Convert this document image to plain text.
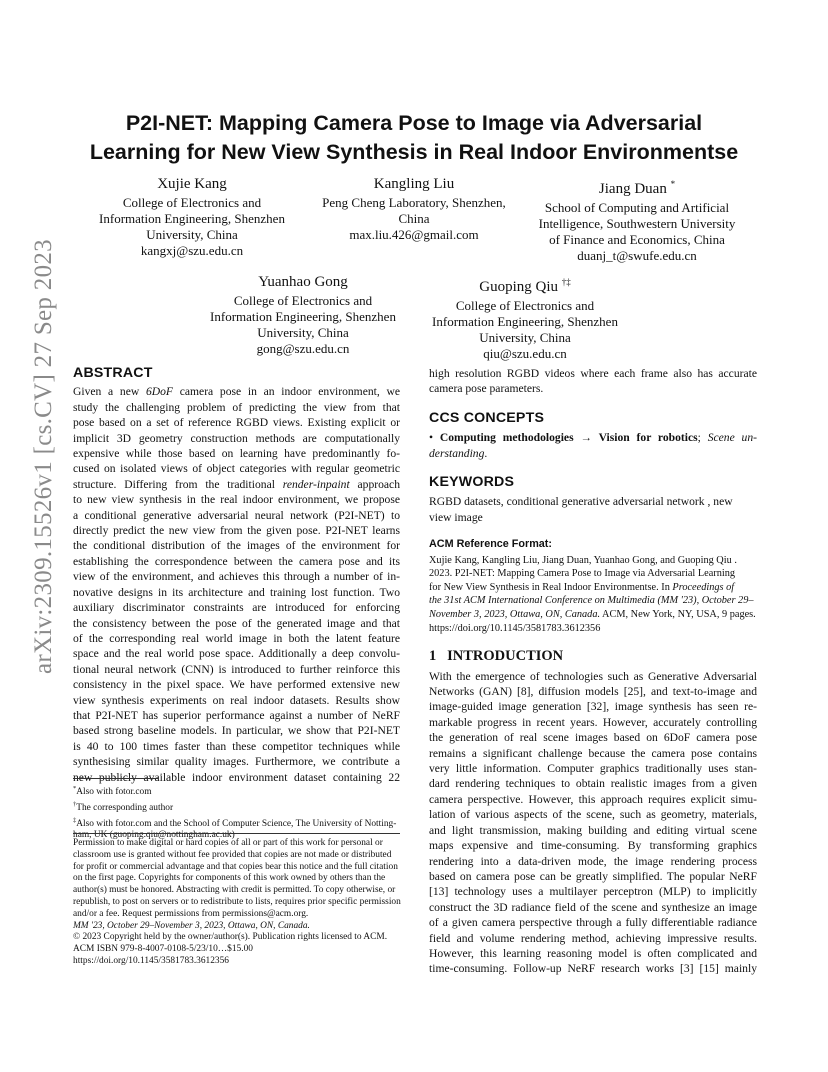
arXiv:2309.15526v1 [cs.CV] 27 Sep 2023
P2I-NET: Mapping Camera Pose to Image via Adversarial
Learning for New View Synthesis in Real Indoor Environmentse
Xujie Kang
College of Electronics and
Information Engineering, Shenzhen
University, China
kangxj@szu.edu.cn
Kangling Liu
Peng Cheng Laboratory, Shenzhen,
China
max.liu.426@gmail.com
Jiang Duan *
School of Computing and Artificial
Intelligence, Southwestern University
of Finance and Economics, China
duanj_t@swufe.edu.cn
Yuanhao Gong
College of Electronics and
Information Engineering, Shenzhen
University, China
gong@szu.edu.cn
Guoping Qiu †‡
College of Electronics and
Information Engineering, Shenzhen
University, China
qiu@szu.edu.cn
ABSTRACT
Given a new 6DoF camera pose in an indoor environment, we
study the challenging problem of predicting the view from that
pose based on a set of reference RGBD views. Existing explicit or
implicit 3D geometry construction methods are computationally
expensive while those based on learning have predominantly fo-
cused on isolated views of object categories with regular geometric
structure. Differing from the traditional render-inpaint approach
to new view synthesis in the real indoor environment, we propose
a conditional generative adversarial neural network (P2I-NET) to
directly predict the new view from the given pose. P2I-NET learns
the conditional distribution of the images of the environment for
establishing the correspondence between the camera pose and its
view of the environment, and achieves this through a number of in-
novative designs in its architecture and training lost function. Two
auxiliary discriminator constraints are introduced for enforcing
the consistency between the pose of the generated image and that
of the corresponding real world image in both the latent feature
space and the real world pose space. Additionally a deep convolu-
tional neural network (CNN) is introduced to further reinforce this
consistency in the pixel space. We have performed extensive new
view synthesis experiments on real indoor datasets. Results show
that P2I-NET has superior performance against a number of NeRF
based strong baseline models. In particular, we show that P2I-NET
is 40 to 100 times faster than these competitor techniques while
synthesising similar quality images. Furthermore, we contribute a
new publicly available indoor environment dataset containing 22
*Also with fotor.com
†The corresponding author
‡Also with fotor.com and the School of Computer Science, The University of Notting-
ham, UK (guoping.qiu@nottingham.ac.uk)
Permission to make digital or hard copies of all or part of this work for personal or
classroom use is granted without fee provided that copies are not made or distributed
for profit or commercial advantage and that copies bear this notice and the full citation
on the first page. Copyrights for components of this work owned by others than the
author(s) must be honored. Abstracting with credit is permitted. To copy otherwise, or
republish, to post on servers or to redistribute to lists, requires prior specific permission
and/or a fee. Request permissions from permissions@acm.org.
MM '23, October 29–November 3, 2023, Ottawa, ON, Canada.
© 2023 Copyright held by the owner/author(s). Publication rights licensed to ACM.
ACM ISBN 979-8-4007-0108-5/23/10…$15.00
https://doi.org/10.1145/3581783.3612356
high resolution RGBD videos where each frame also has accurate
camera pose parameters.
CCS CONCEPTS
• Computing methodologies → Vision for robotics; Scene un-
derstanding.
KEYWORDS
RGBD datasets, conditional generative adversarial network , new
view image
ACM Reference Format:
Xujie Kang, Kangling Liu, Jiang Duan, Yuanhao Gong, and Guoping Qiu .
2023. P2I-NET: Mapping Camera Pose to Image via Adversarial Learning
for New View Synthesis in Real Indoor Environmentse. In Proceedings of
the 31st ACM International Conference on Multimedia (MM '23), October 29–
November 3, 2023, Ottawa, ON, Canada. ACM, New York, NY, USA, 9 pages.
https://doi.org/10.1145/3581783.3612356
1 INTRODUCTION
With the emergence of technologies such as Generative Adversarial
Networks (GAN) [8], diffusion models [25], and text-to-image and
image-guided image generation [32], image synthesis has seen re-
markable progress in recent years. However, accurately controlling
the generation of real scene images based on 6DoF camera pose
remains a significant challenge because the camera pose contains
very little information. Computer graphics traditionally uses stan-
dard rendering techniques to obtain realistic images from a given
camera perspective. However, this approach requires explicit simu-
lation of various aspects of the scene, such as geometry, materials,
and light transmission, making building and editing virtual scene
maps expensive and time-consuming. By transforming graphics
rendering into a data-driven mode, the image rendering process
based on camera pose can be greatly simplified. The popular NeRF
[13] technology uses a multilayer perceptron (MLP) to implicitly
construct the 3D radiance field of the scene and synthesize an image
of a given camera perspective through a fully differentiable radiance
field and volume rendering method, achieving impressive results.
However, this learning reasoning model is often complicated and
time-consuming. Follow-up NeRF research works [3] [15] mainly
